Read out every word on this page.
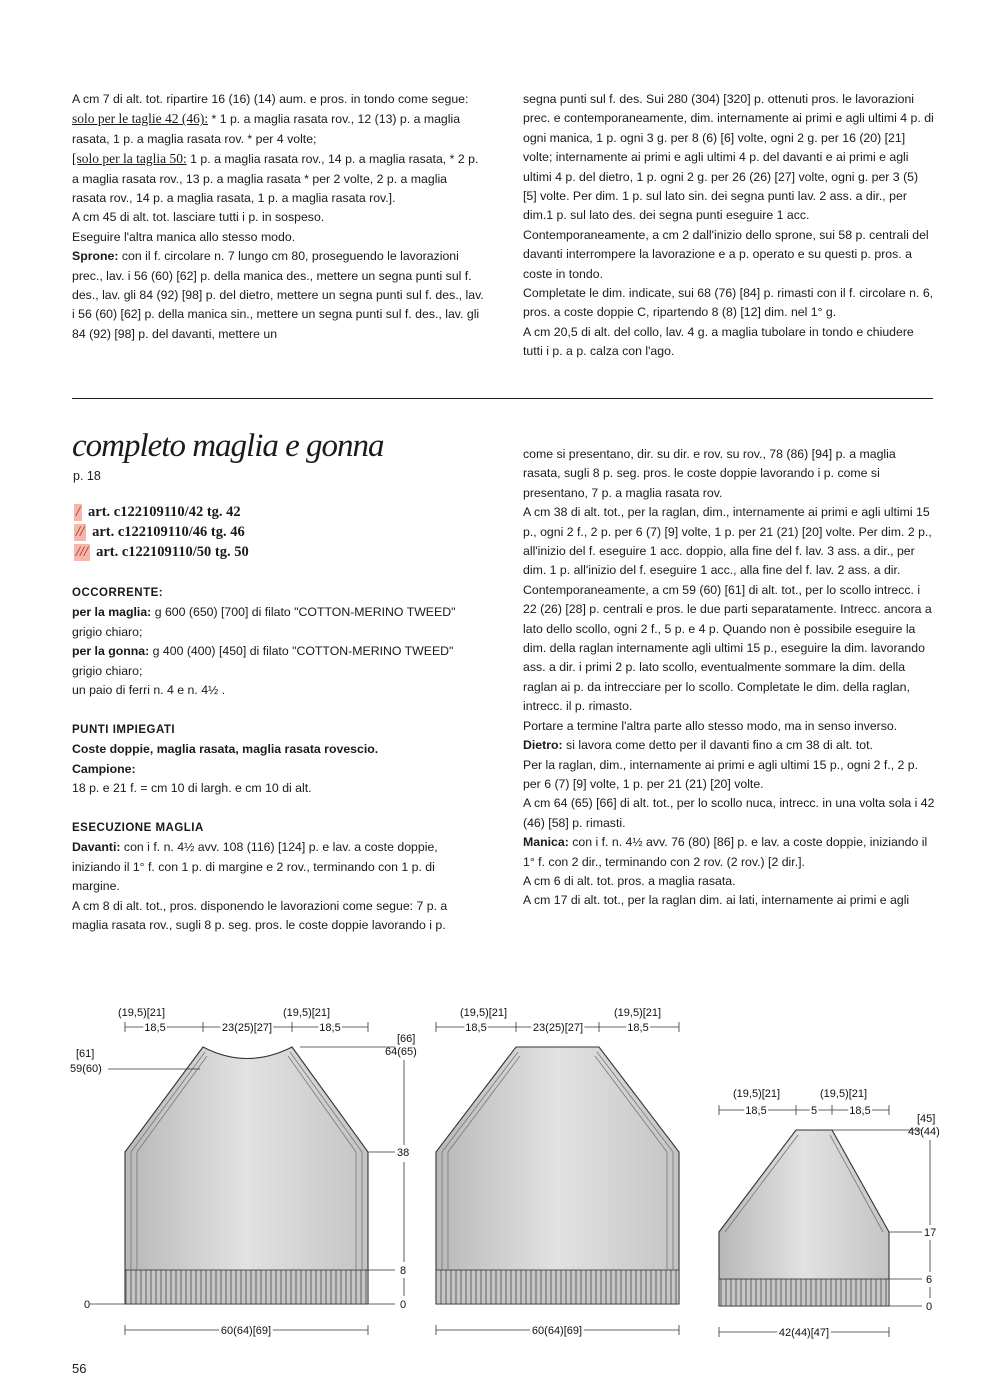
A cm 7 di alt. tot. ripartire 16 (16) (14) aum. e pros. in tondo come segue:

solo per le taglie 42 (46): * 1 p. a maglia rasata rov., 12 (13) p. a maglia rasata, 1 p. a maglia rasata rov. * per 4 volte;

[solo per la taglia 50: 1 p. a maglia rasata rov., 14 p. a maglia rasata, * 2 p. a maglia rasata rov., 13 p. a maglia rasata * per 2 volte, 2 p. a maglia rasata rov., 14 p. a maglia rasata, 1 p. a maglia rasata rov.].

A cm 45 di alt. tot. lasciare tutti i p. in sospeso.

Eseguire l'altra manica allo stesso modo.

Sprone: con il f. circolare n. 7 lungo cm 80, proseguendo le lavorazioni prec., lav. i 56 (60) [62] p. della manica des., mettere un segna punti sul f. des., lav. gli 84 (92) [98] p. del dietro, mettere un segna punti sul f. des., lav. i 56 (60) [62] p. della manica sin., mettere un segna punti sul f. des., lav. gli 84 (92) [98] p. del davanti, mettere un

segna punti sul f. des. Sui 280 (304) [320] p. ottenuti pros. le lavorazioni prec. e contemporaneamente, dim. internamente ai primi e agli ultimi 4 p. di ogni manica, 1 p. ogni 3 g. per 8 (6) [6] volte, ogni 2 g. per 16 (20) [21] volte; internamente ai primi e agli ultimi 4 p. del davanti e ai primi e agli ultimi 4 p. del dietro, 1 p. ogni 2 g. per 26 (26) [27] volte, ogni g. per 3 (5) [5] volte. Per dim. 1 p. sul lato sin. dei segna punti lav. 2 ass. a dir., per dim.1 p. sul lato des. dei segna punti eseguire 1 acc. Contemporaneamente, a cm 2 dall'inizio dello sprone, sui 58 p. centrali del davanti interrompere la lavorazione e a p. operato e su questi p. pros. a coste in tondo.

Completate le dim. indicate, sui 68 (76) [84] p. rimasti con il f. circolare n. 6, pros. a coste doppie C, ripartendo 8 (8) [12] dim. nel 1° g.

A cm 20,5 di alt. del collo, lav. 4 g. a maglia tubolare in tondo e chiudere tutti i p. a p. calza con l'ago.

completo maglia e gonna
p. 18
/ art. c122109110/42 tg. 42
// art. c122109110/46 tg. 46
/// art. c122109110/50 tg. 50

OCCORRENTE:

per la maglia: g 600 (650) [700] di filato "COTTON-MERINO TWEED" grigio chiaro;

per la gonna: g 400 (400) [450] di filato "COTTON-MERINO TWEED" grigio chiaro;

un paio di ferri n. 4 e n. 4½ .

PUNTI IMPIEGATI

Coste doppie, maglia rasata, maglia rasata rovescio.

Campione:

18 p. e 21 f. = cm 10 di largh. e cm 10 di alt.

ESECUZIONE MAGLIA

Davanti: con i f. n. 4½ avv. 108 (116) [124] p. e lav. a coste doppie, iniziando il 1° f. con 1 p. di margine e 2 rov., terminando con 1 p. di margine.

A cm 8 di alt. tot., pros. disponendo le lavorazioni come segue: 7 p. a maglia rasata rov., sugli 8 p. seg. pros. le coste doppie lavorando i p.

come si presentano, dir. su dir. e rov. su rov., 78 (86) [94] p. a maglia rasata, sugli 8 p. seg. pros. le coste doppie lavorando i p. come si presentano, 7 p. a maglia rasata rov.

A cm 38 di alt. tot., per la raglan, dim., internamente ai primi e agli ultimi 15 p., ogni 2 f., 2 p. per 6 (7) [9] volte, 1 p. per 21 (21) [20] volte. Per dim. 2 p., all'inizio del f. eseguire 1 acc. doppio, alla fine del f. lav. 3 ass. a dir., per dim. 1 p. all'inizio del f. eseguire 1 acc., alla fine del f. lav. 2 ass. a dir. Contemporaneamente, a cm 59 (60) [61] di alt. tot., per lo scollo intrecc. i 22 (26) [28] p. centrali e pros. le due parti separatamente. Intrecc. ancora a lato dello scollo, ogni 2 f., 5 p. e 4 p. Quando non è possibile eseguire la dim. della raglan internamente agli ultimi 15 p., eseguire la dim. lavorando ass. a dir. i primi 2 p. lato scollo, eventualmente sommare la dim. della raglan ai p. da intrecciare per lo scollo. Completate le dim. della raglan, intrecc. il p. rimasto.

Portare a termine l'altra parte allo stesso modo, ma in senso inverso.

Dietro: si lavora come detto per il davanti fino a cm 38 di alt. tot.

Per la raglan, dim., internamente ai primi e agli ultimi 15 p., ogni 2 f., 2 p. per 6 (7) [9] volte, 1 p. per 21 (21) [20] volte.

A cm 64 (65) [66] di alt. tot., per lo scollo nuca, intrecc. in una volta sola i 42 (46) [58] p. rimasti.

Manica: con i f. n. 4½ avv. 76 (80) [86] p. e lav. a coste doppie, iniziando il 1° f. con 2 dir., terminando con 2 rov. (2 rov.) [2 dir.].

A cm 6 di alt. tot. pros. a maglia rasata.

A cm 17 di alt. tot., per la raglan dim. ai lati, internamente ai primi e agli

(19,5)[21]	(19,5)[21]
18,5	23(25)[27]	18,5
[61]
59(60)
[66]
64(65)
38
8
0	0
60(64)[69]
(19,5)[21]	(19,5)[21]
18,5	23(25)[27]	18,5
60(64)[69]
(19,5)[21]	(19,5)[21]
18,5	5	18,5
[45]
43(44)
17
6
0
42(44)[47]
56
